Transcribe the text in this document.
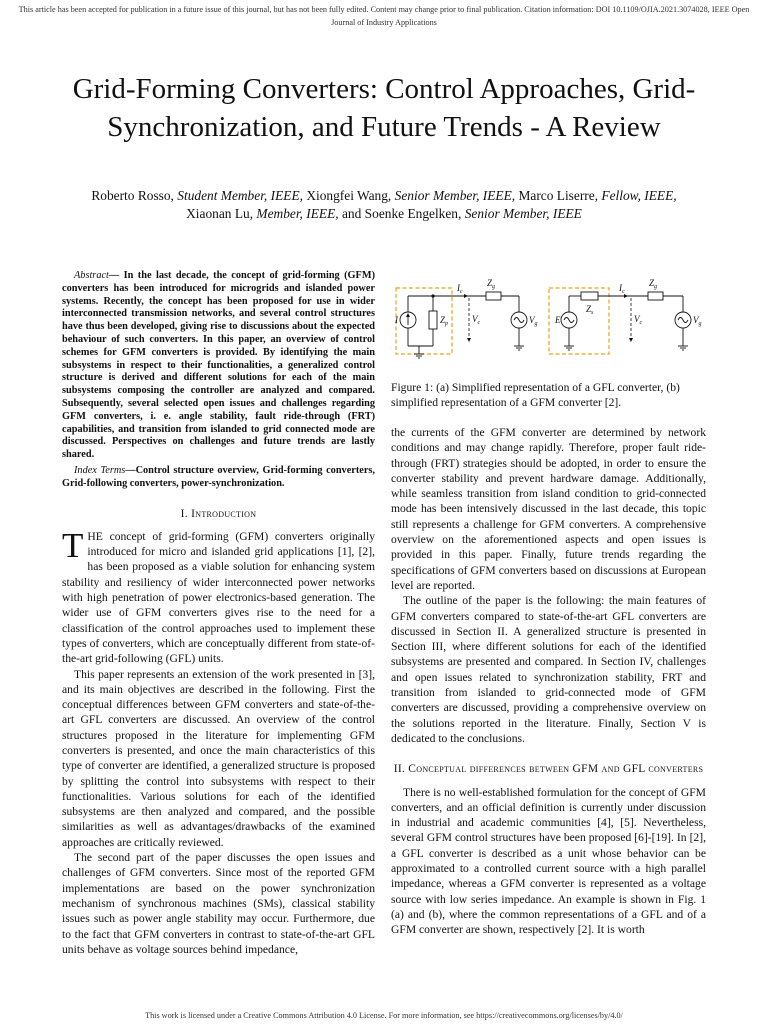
This article has been accepted for publication in a future issue of this journal, but has not been fully edited. Content may change prior to final publication. Citation information: DOI 10.1109/OJIA.2021.3074028, IEEE Open
Journal of Industry Applications
Grid-Forming Converters: Control Approaches, Grid-Synchronization, and Future Trends - A Review
Roberto Rosso, Student Member, IEEE, Xiongfei Wang, Senior Member, IEEE, Marco Liserre, Fellow, IEEE,
Xiaonan Lu, Member, IEEE, and Soenke Engelken, Senior Member, IEEE

Abstract— In the last decade, the concept of grid-forming (GFM) converters has been introduced for microgrids and islanded power systems. Recently, the concept has been proposed for use in wider interconnected transmission networks, and several control structures have thus been developed, giving rise to discussions about the expected behaviour of such converters. In this paper, an overview of control schemes for GFM converters is provided. By identifying the main subsystems in respect to their functionalities, a generalized control structure is derived and different solutions for each of the main subsystems composing the controller are analyzed and compared. Subsequently, several selected open issues and challenges regarding GFM converters, i. e. angle stability, fault ride-through (FRT) capabilities, and transition from islanded to grid connected mode are discussed. Perspectives on challenges and future trends are lastly shared.

Index Terms—Control structure overview, Grid-forming converters, Grid-following converters, power-synchronization.

I. Introduction

THE concept of grid-forming (GFM) converters originally introduced for micro and islanded grid applications [1], [2], has been proposed as a viable solution for enhancing system stability and resiliency of wider interconnected power networks with high penetration of power electronics-based generation. The wider use of GFM converters gives rise to the need for a classification of the control approaches used to implement these types of converters, which are conceptually different from state-of-the-art grid-following (GFL) units.

This paper represents an extension of the work presented in [3], and its main objectives are described in the following. First the conceptual differences between GFM converters and state-of-the-art GFL converters are discussed. An overview of the control structures proposed in the literature for implementing GFM converters is presented, and once the main characteristics of this type of converter are identified, a generalized structure is proposed by splitting the control into subsystems with respect to their functionalities. Various solutions for each of the identified subsystems are then analyzed and compared, and the possible similarities as well as advantages/drawbacks of the examined approaches are critically reviewed.

The second part of the paper discusses the open issues and challenges of GFM converters. Since most of the reported GFM implementations are based on the power synchronization mechanism of synchronous machines (SMs), classical stability issues such as power angle stability may occur. Furthermore, due to the fact that GFM converters in contrast to state-of-the-art GFL units behave as voltage sources behind impedance,

I	$Z_p$
$I_c$
$Z_g$
$V_c$	$V_g$ E
$Z_s$
$I_c$
$Z_g$
$V_c$	$V_g$
Figure 1: (a) Simplified representation of a GFL converter, (b) simplified representation of a GFM converter [2].

the currents of the GFM converter are determined by network conditions and may change rapidly. Therefore, proper fault ride-through (FRT) strategies should be adopted, in order to ensure the converter stability and prevent hardware damage. Additionally, while seamless transition from island condition to grid-connected mode has been intensively discussed in the last decade, this topic still represents a challenge for GFM converters. A comprehensive overview on the aforementioned aspects and open issues is provided in this paper. Finally, future trends regarding the specifications of GFM converters based on discussions at European level are reported.

The outline of the paper is the following: the main features of GFM converters compared to state-of-the-art GFL converters are discussed in Section II. A generalized structure is presented in Section III, where different solutions for each of the identified subsystems are presented and compared. In Section IV, challenges and open issues related to synchronization stability, FRT and transition from islanded to grid-connected mode of GFM converters are discussed, providing a comprehensive overview on the solutions reported in the literature. Finally, Section V is dedicated to the conclusions.

II. Conceptual differences between GFM and GFL converters

There is no well-established formulation for the concept of GFM converters, and an official definition is currently under discussion in industrial and academic communities [4], [5]. Nevertheless, several GFM control structures have been proposed [6]-[19]. In [2], a GFL converter is described as a unit whose behavior can be approximated to a controlled current source with a high parallel impedance, whereas a GFM converter is represented as a voltage source with low series impedance. An example is shown in Fig. 1 (a) and (b), where the common representations of a GFL and of a GFM converter are shown, respectively [2]. It is worth

This work is licensed under a Creative Commons Attribution 4.0 License. For more information, see https://creativecommons.org/licenses/by/4.0/
